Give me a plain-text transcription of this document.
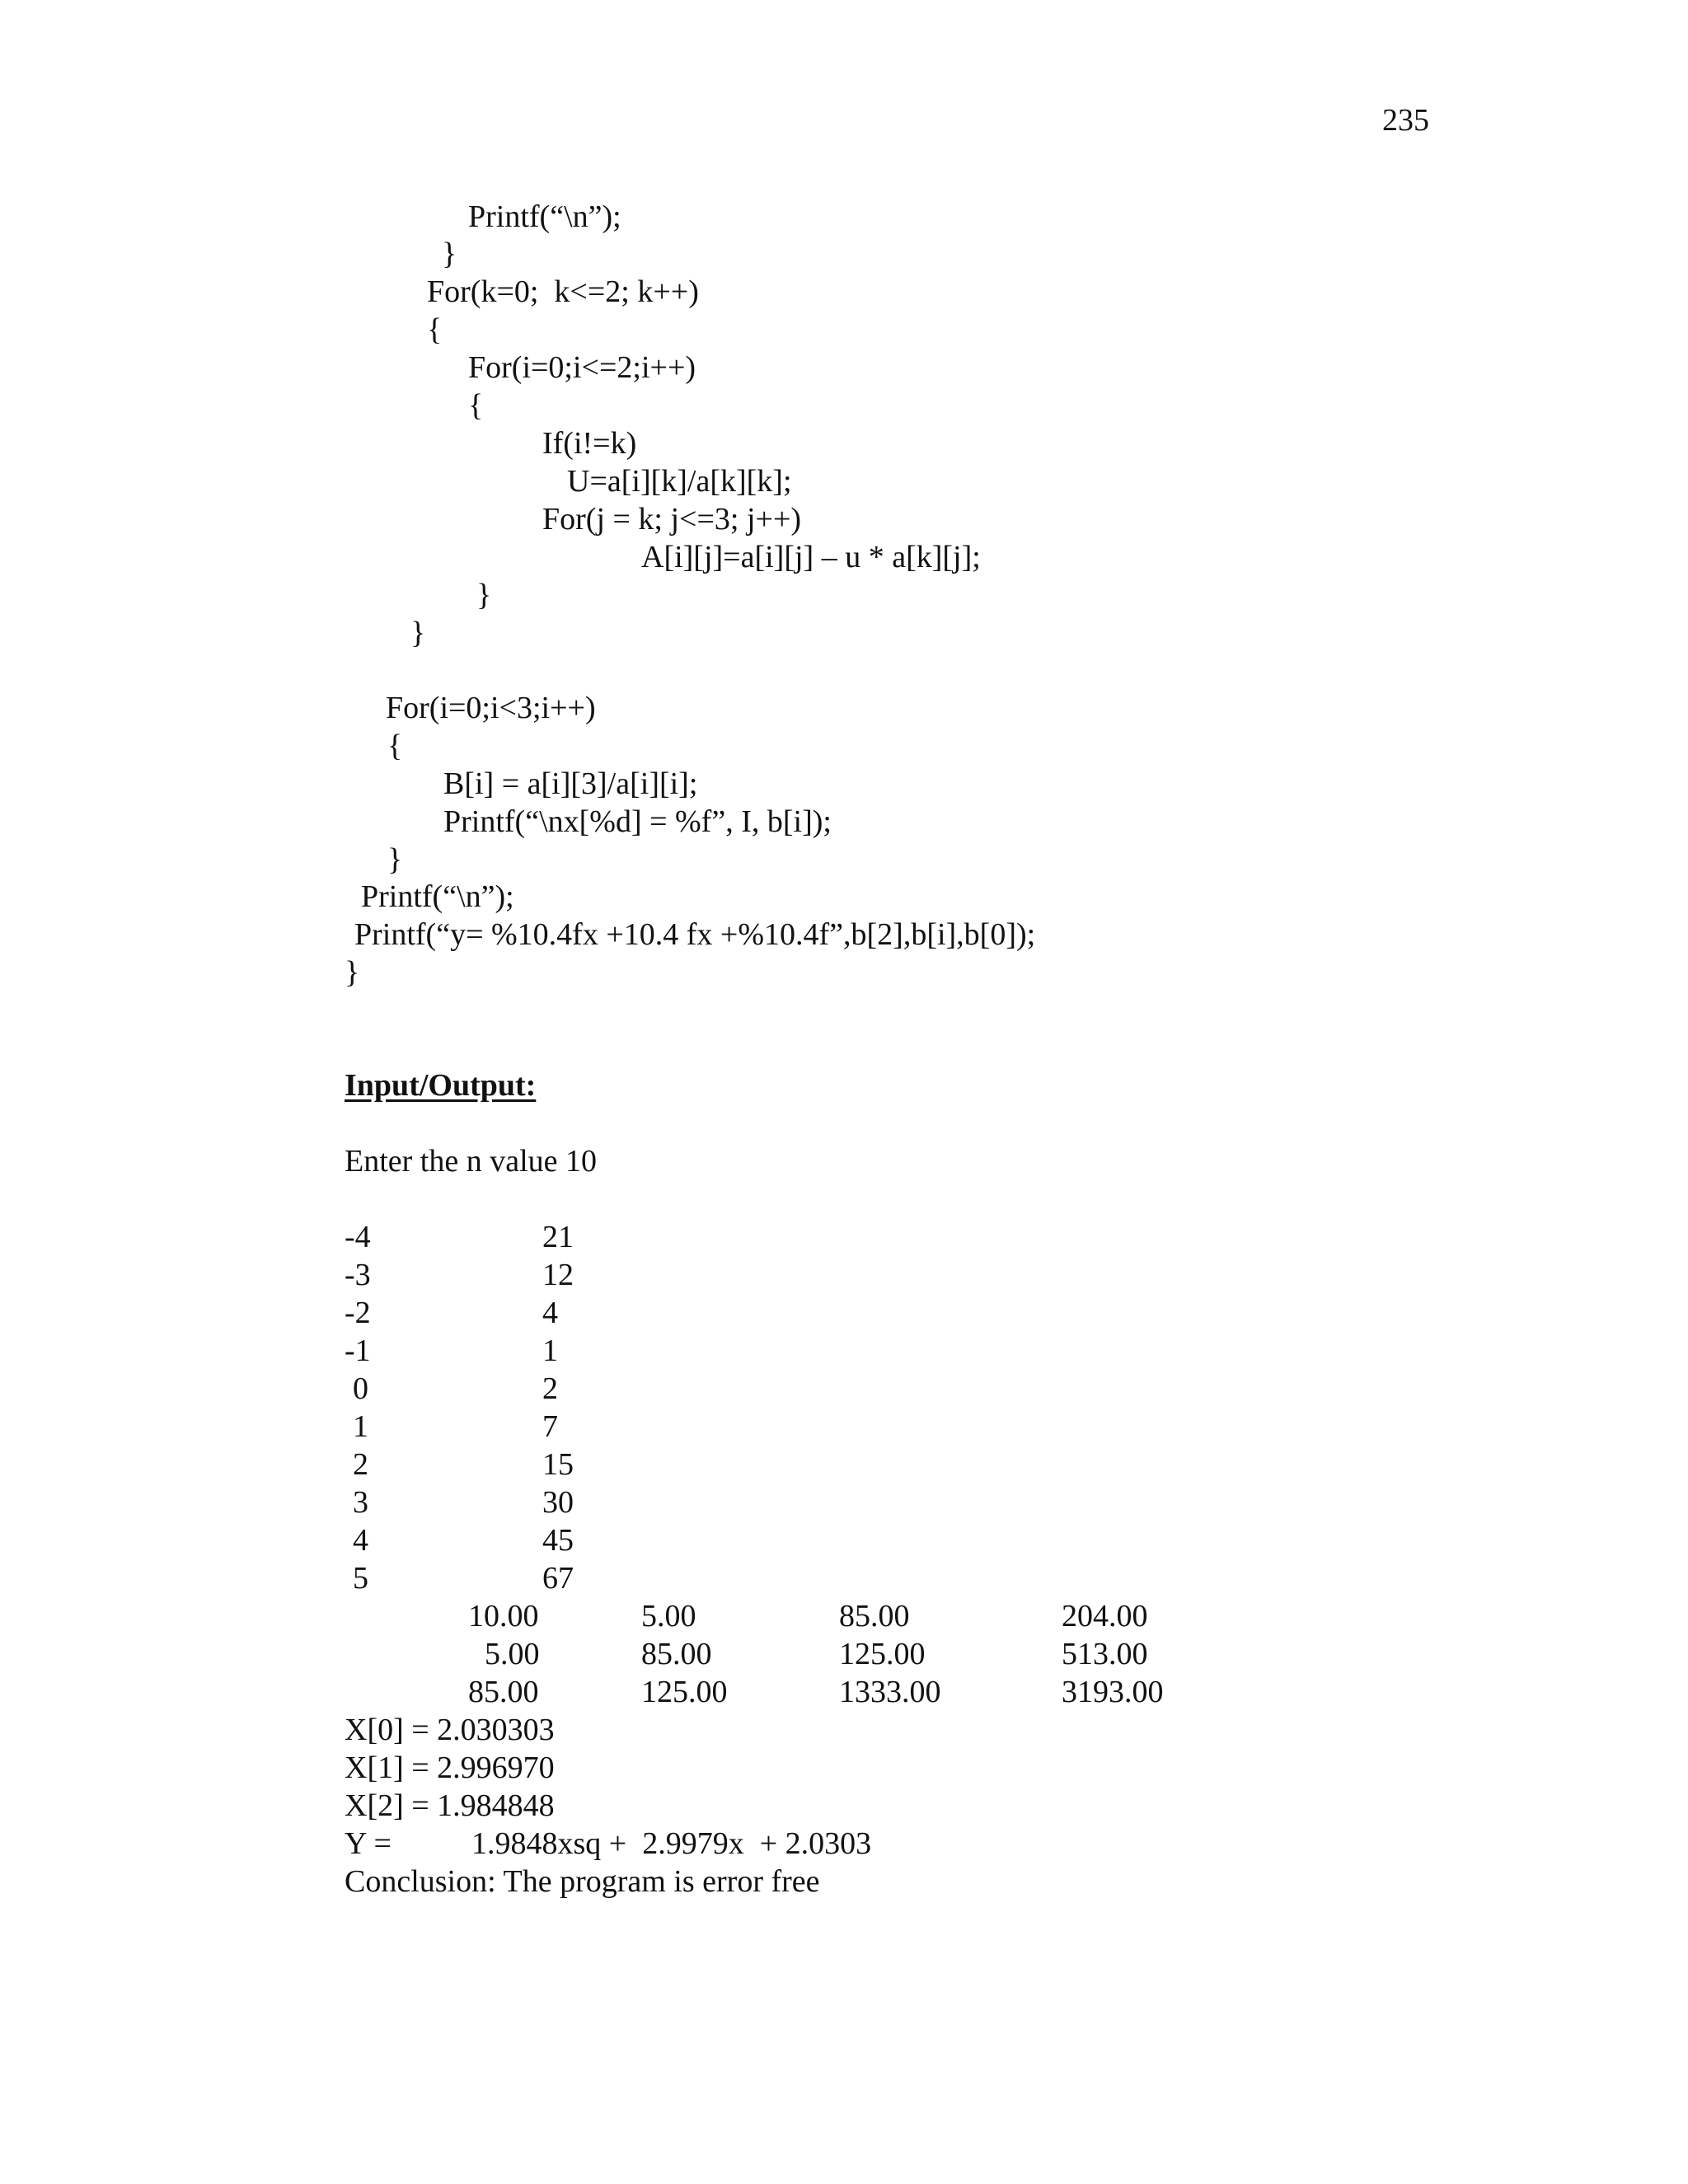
235
Printf(“\n”);
}
For(k=0;  k<=2; k++)
{
For(i=0;i<=2;i++)
{
If(i!=k)
U=a[i][k]/a[k][k];
For(j = k; j<=3; j++)
A[i][j]=a[i][j] – u * a[k][j];
}
}
For(i=0;i<3;i++)
{
B[i] = a[i][3]/a[i][i];
Printf(“\nx[%d] = %f”, I, b[i]);
}
Printf(“\n”);
Printf(“y= %10.4fx +10.4 fx +%10.4f”,b[2],b[i],b[0]);
}
Input/Output:
Enter the n value 10
-4	21
-3	12
-2	4
-1	1
0	2
1	7
2	15
3	30
4	45
5	67
10.00	5.00	85.00	204.00
5.00	85.00	125.00	513.00
85.00	125.00	1333.00	3193.00
X[0] = 2.030303
X[1] = 2.996970
X[2] = 1.984848
Y =	1.9848xsq +  2.9979x  + 2.0303
Conclusion: The program is error free
